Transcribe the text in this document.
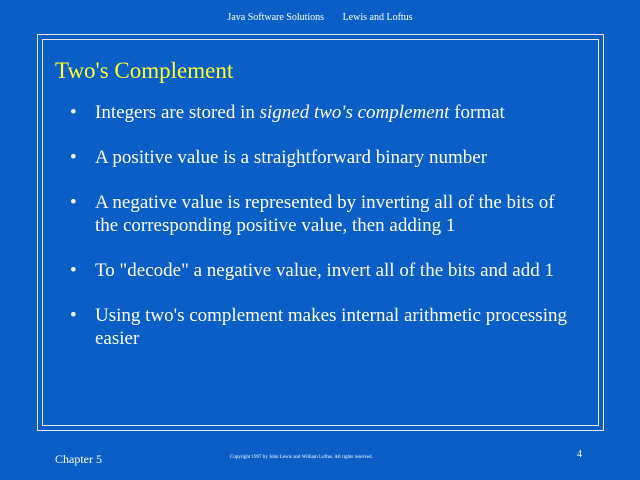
Java Software Solutions Lewis and Loftus
Two's Complement
• Integers are stored in signed two's complement format
• A positive value is a straightforward binary number
• A negative value is represented by inverting all of the bits of the corresponding positive value, then adding 1
• To "decode" a negative value, invert all of the bits and add 1
• Using two's complement makes internal arithmetic processing easier
Chapter 5	Copyright 1997 by John Lewis and William Loftus. All rights reserved.	4
